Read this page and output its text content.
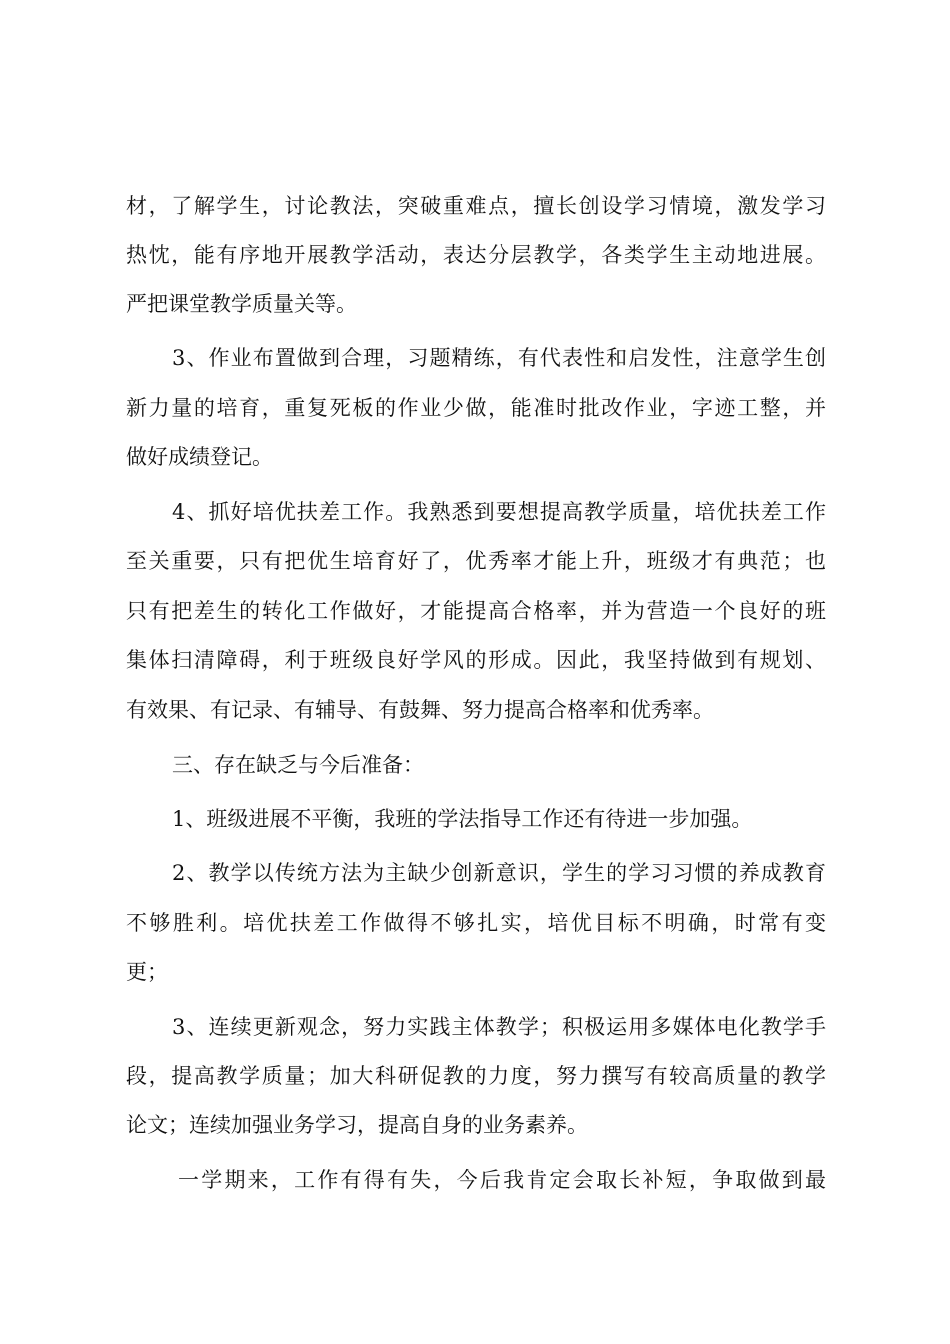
材，了解学生，讨论教法，突破重难点，擅长创设学习情境，激发学习
热忱，能有序地开展教学活动，表达分层教学，各类学生主动地进展。
严把课堂教学质量关等。
3、作业布置做到合理，习题精练，有代表性和启发性，注意学生创
新力量的培育，重复死板的作业少做，能准时批改作业，字迹工整，并
做好成绩登记。
4、抓好培优扶差工作。我熟悉到要想提高教学质量，培优扶差工作
至关重要，只有把优生培育好了，优秀率才能上升，班级才有典范；也
只有把差生的转化工作做好，才能提高合格率，并为营造一个良好的班
集体扫清障碍，利于班级良好学风的形成。因此，我坚持做到有规划、
有效果、有记录、有辅导、有鼓舞、努力提高合格率和优秀率。
三、存在缺乏与今后准备：
1、班级进展不平衡，我班的学法指导工作还有待进一步加强。
2、教学以传统方法为主缺少创新意识，学生的学习习惯的养成教育
不够胜利。培优扶差工作做得不够扎实，培优目标不明确，时常有变
更；
3、连续更新观念，努力实践主体教学；积极运用多媒体电化教学手
段，提高教学质量；加大科研促教的力度，努力撰写有较高质量的教学
论文；连续加强业务学习，提高自身的业务素养。
一学期来，工作有得有失，今后我肯定会取长补短，争取做到最
